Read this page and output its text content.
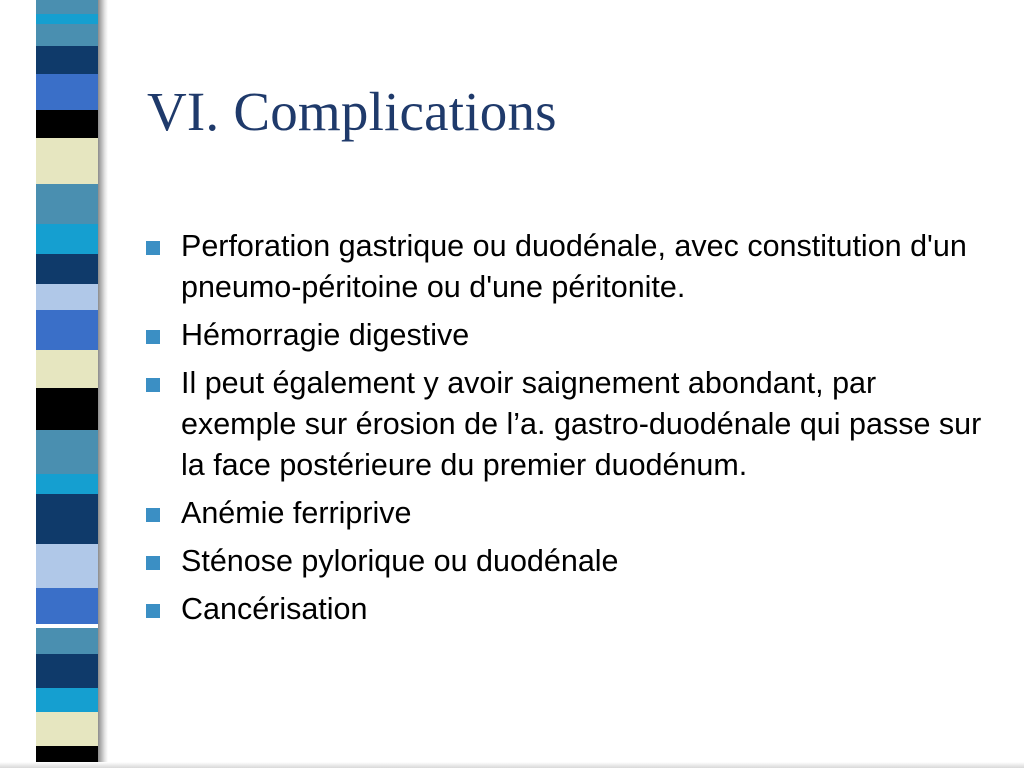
VI. Complications
Perforation gastrique ou duodénale, avec constitution d'un pneumo-péritoine ou d'une péritonite.
Hémorragie digestive
Il peut également y avoir saignement abondant, par exemple sur érosion de l’a. gastro-duodénale qui passe sur la face postérieure du premier duodénum.
Anémie ferriprive
Sténose pylorique ou duodénale
Cancérisation
